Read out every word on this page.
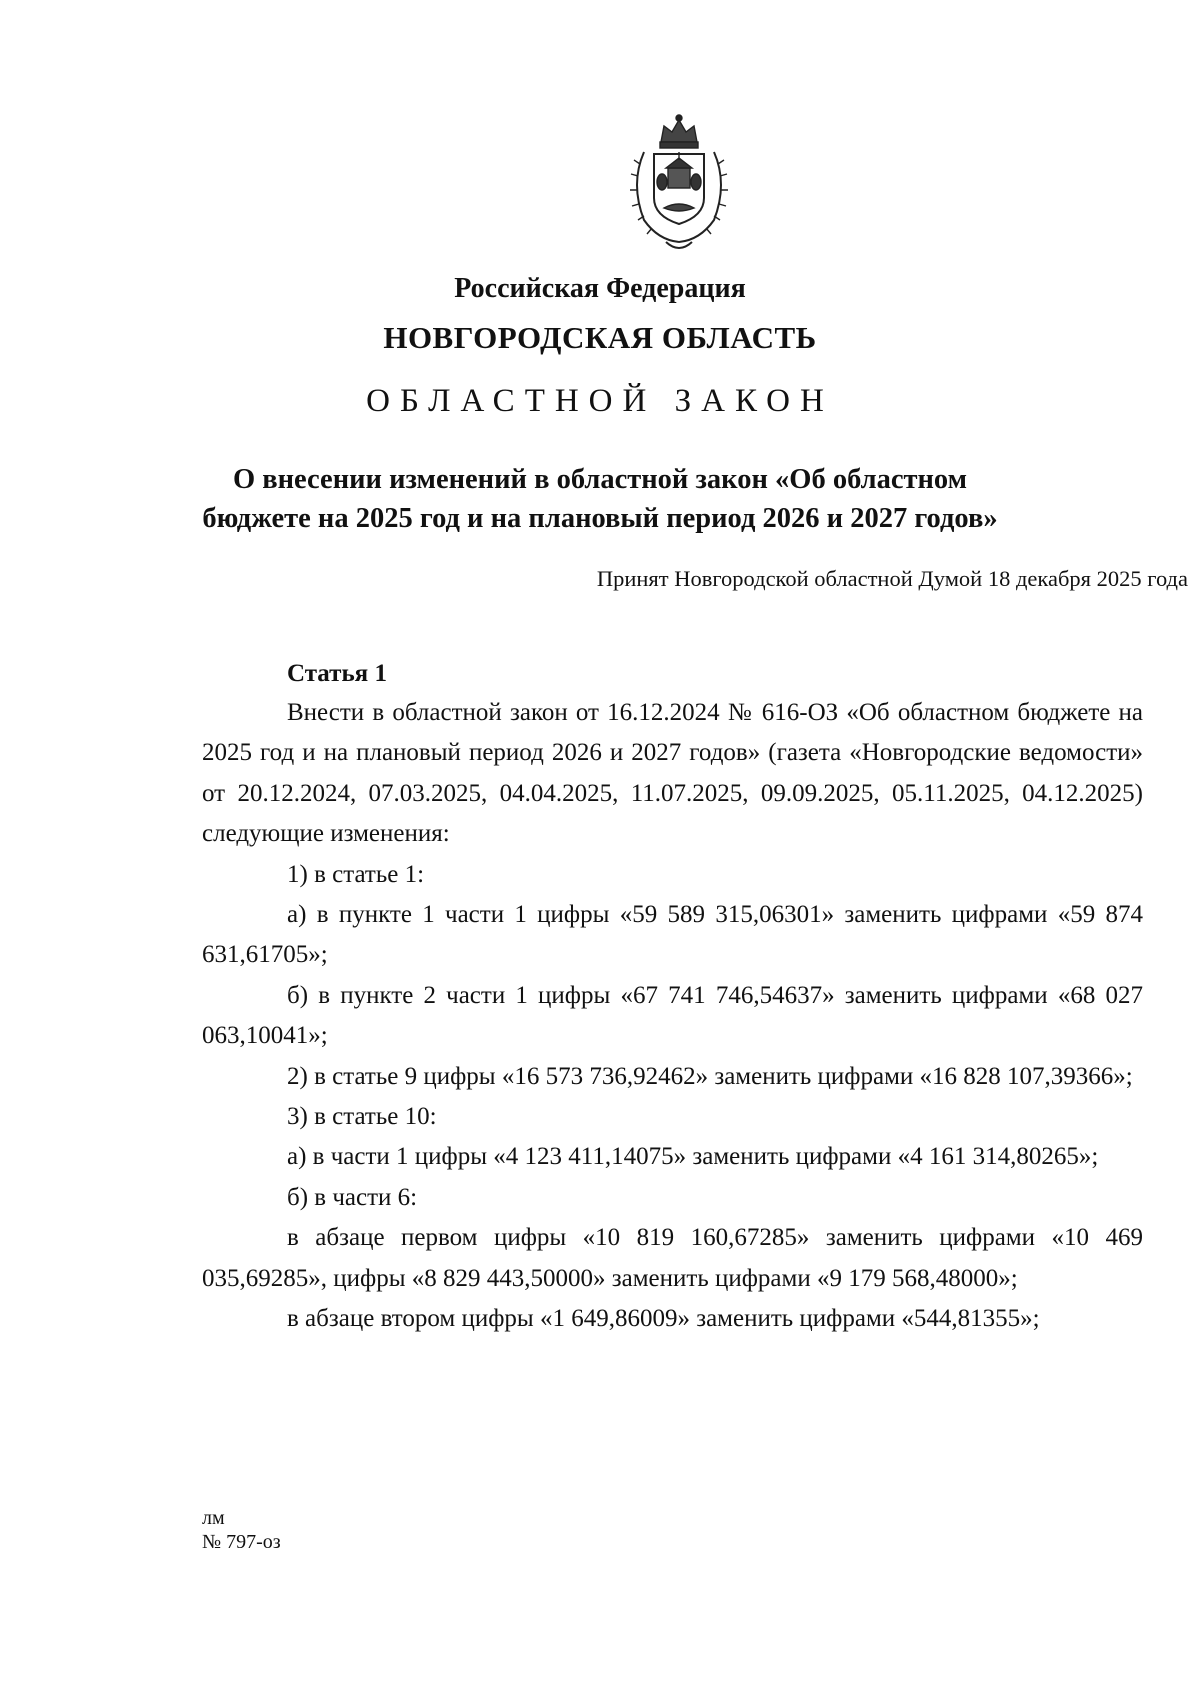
Российская Федерация
НОВГОРОДСКАЯ ОБЛАСТЬ
ОБЛАСТНОЙ ЗАКОН
О внесении изменений в областной закон «Об областном
бюджете на 2025 год и на плановый период 2026 и 2027 годов»
Принят Новгородской областной Думой 18 декабря 2025 года
Статья 1

Внести в областной закон от 16.12.2024 № 616-ОЗ «Об областном бюджете на 2025 год и на плановый период 2026 и 2027 годов» (газета «Новгородские ведомости» от 20.12.2024, 07.03.2025, 04.04.2025, 11.07.2025, 09.09.2025, 05.11.2025, 04.12.2025) следующие изменения:

1) в статье 1:

а) в пункте 1 части 1 цифры «59 589 315,06301» заменить цифрами «59 874 631,61705»;

б) в пункте 2 части 1 цифры «67 741 746,54637» заменить цифрами «68 027 063,10041»;

2) в статье 9 цифры «16 573 736,92462» заменить цифрами «16 828 107,39366»;

3) в статье 10:

а) в части 1 цифры «4 123 411,14075» заменить цифрами «4 161 314,80265»;

б) в части 6:

в абзаце первом цифры «10 819 160,67285» заменить цифрами «10 469 035,69285», цифры «8 829 443,50000» заменить цифрами «9 179 568,48000»;

в абзаце втором цифры «1 649,86009» заменить цифрами «544,81355»;

лм
№ 797-оз
